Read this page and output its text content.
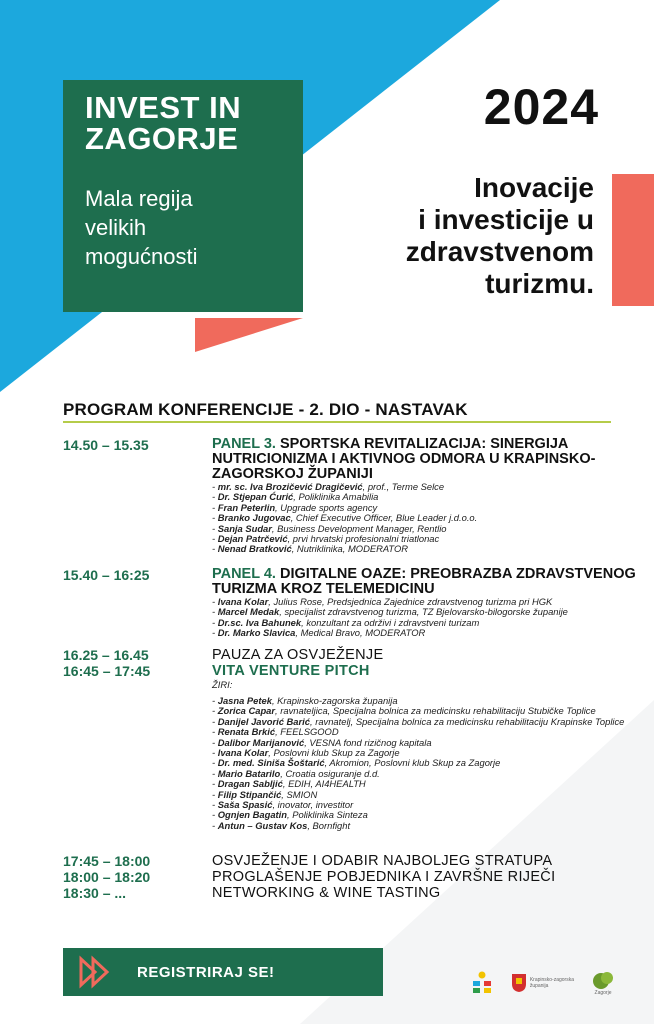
INVEST IN
ZAGORJE
Mala regija
velikih
mogućnosti
2024
Inovacije
i investicije u
zdravstvenom
turizmu.
PROGRAM KONFERENCIJE - 2. DIO - NASTAVAK
14.50 – 15.35	PANEL 3. SPORTSKA REVITALIZACIJA: SINERGIJA NUTRICIONIZMA I AKTIVNOG ODMORA U KRAPINSKO-ZAGORSKOJ ŽUPANIJI
- mr. sc. Iva Brozičević Dragičević, prof., Terme Selce
- Dr. Stjepan Ćurić, Poliklinika Amabilia
- Fran Peterlin, Upgrade sports agency
- Branko Jugovac, Chief Executive Officer, Blue Leader j.d.o.o.
- Sanja Sudar, Business Development Manager, Rentlio
- Dejan Patrčević, prvi hrvatski profesionalni triatlonac
- Nenad Bratković, Nutriklinika, MODERATOR
15.40 – 16:25	PANEL 4. DIGITALNE OAZE: PREOBRAZBA ZDRAVSTVENOG TURIZMA KROZ TELEMEDICINU
- Ivana Kolar, Julius Rose, Predsjednica Zajednice zdravstvenog turizma pri HGK
- Marcel Medak, specijalist zdravstvenog turizma, TZ Bjelovarsko-bilogorske županije
- Dr.sc. Iva Bahunek, konzultant za održivi i zdravstveni turizam
- Dr. Marko Slavica, Medical Bravo, MODERATOR
16.25 – 16.45	PAUZA ZA OSVJEŽENJE
16:45 – 17:45	VITA VENTURE PITCH
ŽIRI:
- Jasna Petek, Krapinsko-zagorska županija
- Zorica Capar, ravnateljica, Specijalna bolnica za medicinsku rehabilitaciju Stubičke Toplice
- Danijel Javorić Barić, ravnatelj, Specijalna bolnica za medicinsku rehabilitaciju Krapinske Toplice
- Renata Brkić, FEELSGOOD
- Dalibor Marijanović, VESNA fond rizičnog kapitala
- Ivana Kolar, Poslovni klub Skup za Zagorje
- Dr. med. Siniša Šoštarić, Akromion, Poslovni klub Skup za Zagorje
- Mario Batarilo, Croatia osiguranje d.d.
- Dragan Sabljić, EDIH, AI4HEALTH
- Filip Stipančić, SMION
- Saša Spasić, inovator, investitor
- Ognjen Bagatin, Poliklinika Sinteza
- Antun – Gustav Kos, Bornfight
17:45 – 18:00	OSVJEŽENJE I ODABIR NAJBOLJEG STRATUPA
18:00 – 18:20	PROGLAŠENJE POBJEDNIKA I ZAVRŠNE RIJEČI
18:30 – ...	NETWORKING & WINE TASTING
REGISTRIRAJ SE!	Krapinsko-zagorska
županija
Zagorje
